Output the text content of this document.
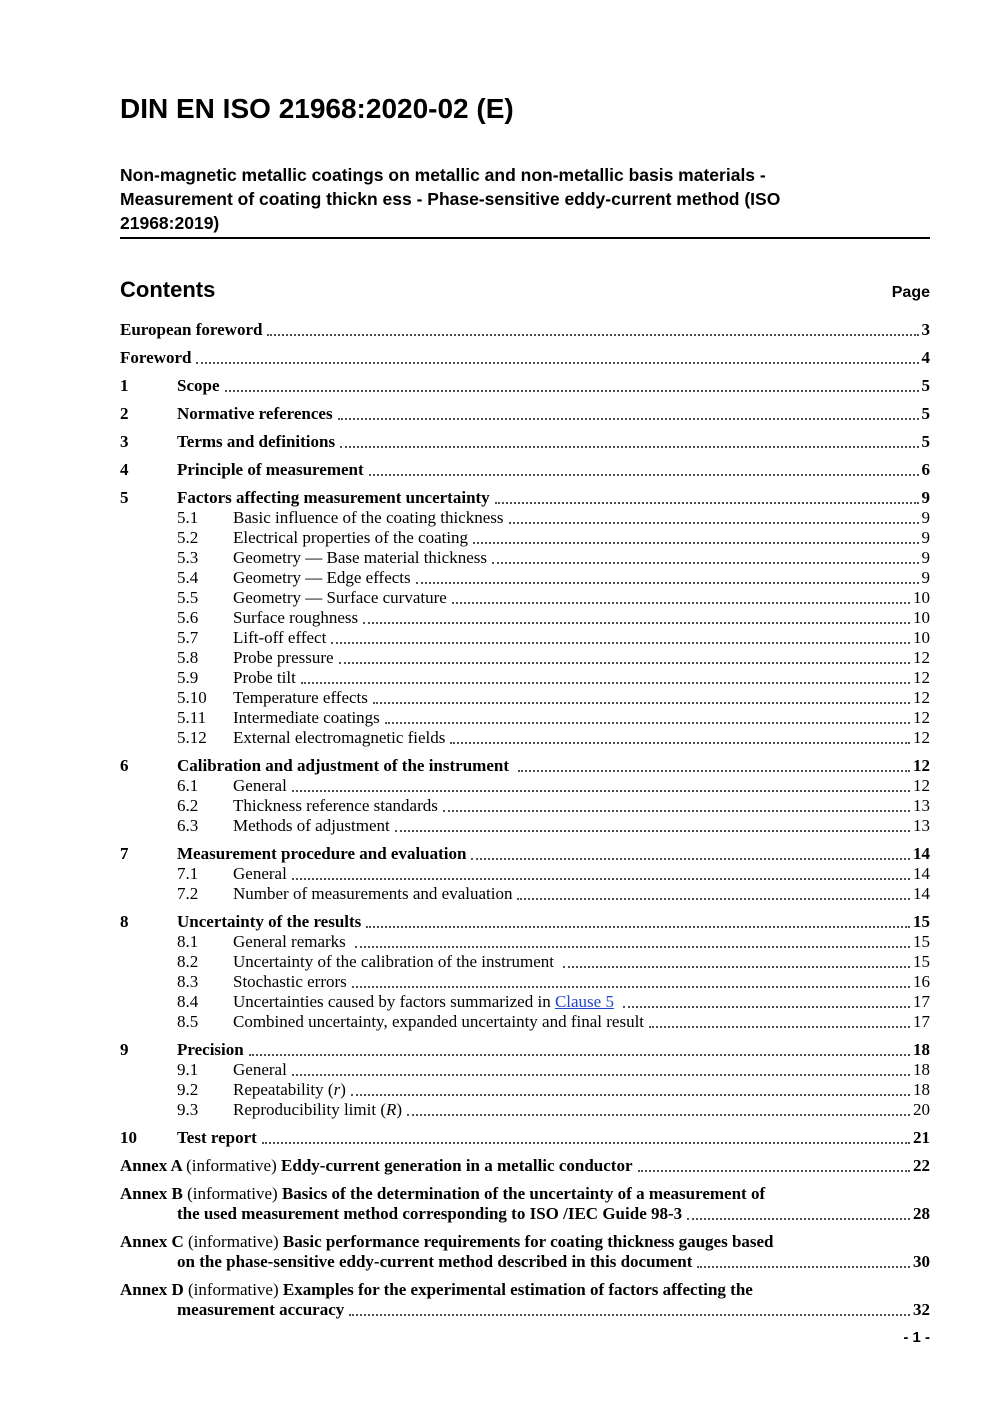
DIN EN ISO 21968:2020-02 (E)
Non-magnetic metallic coatings on metallic and non-metallic basis materials -
Measurement of coating thickn ess - Phase-sensitive eddy-current method (ISO
21968:2019)
Contents	Page
European foreword	3
Foreword	4
1	Scope	5
2	Normative references	5
3	Terms and definitions	5
4	Principle of measurement	6
5	Factors affecting measurement uncertainty	9
5.1	Basic influence of the coating thickness	9
5.2	Electrical properties of the coating	9
5.3	Geometry — Base material thickness	9
5.4	Geometry — Edge effects	9
5.5	Geometry — Surface curvature	10
5.6	Surface roughness	10
5.7	Lift-off effect	10
5.8	Probe pressure	12
5.9	Probe tilt	12
5.10	Temperature effects	12
5.11	Intermediate coatings	12
5.12	External electromagnetic fields	12
6	Calibration and adjustment of the instrument	12
6.1	General	12
6.2	Thickness reference standards	13
6.3	Methods of adjustment	13
7	Measurement procedure and evaluation	14
7.1	General	14
7.2	Number of measurements and evaluation	14
8	Uncertainty of the results	15
8.1	General remarks	15
8.2	Uncertainty of the calibration of the instrument	15
8.3	Stochastic errors	16
8.4	Uncertainties caused by factors summarized in Clause 5	17
8.5	Combined uncertainty, expanded uncertainty and final result	17
9	Precision	18
9.1	General	18
9.2	Repeatability (r)	18
9.3	Reproducibility limit (R)	20
10	Test report	21
Annex A (informative) Eddy-current generation in a metallic conductor	22
Annex B (informative) Basics of the determination of the uncertainty of a measurement of
the used measurement method corresponding to ISO /IEC Guide 98-3	28
Annex C (informative) Basic performance requirements for coating thickness gauges based
on the phase-sensitive eddy-current method described in this document	30
Annex D (informative) Examples for the experimental estimation of factors affecting the
measurement accuracy	32
- 1 -
